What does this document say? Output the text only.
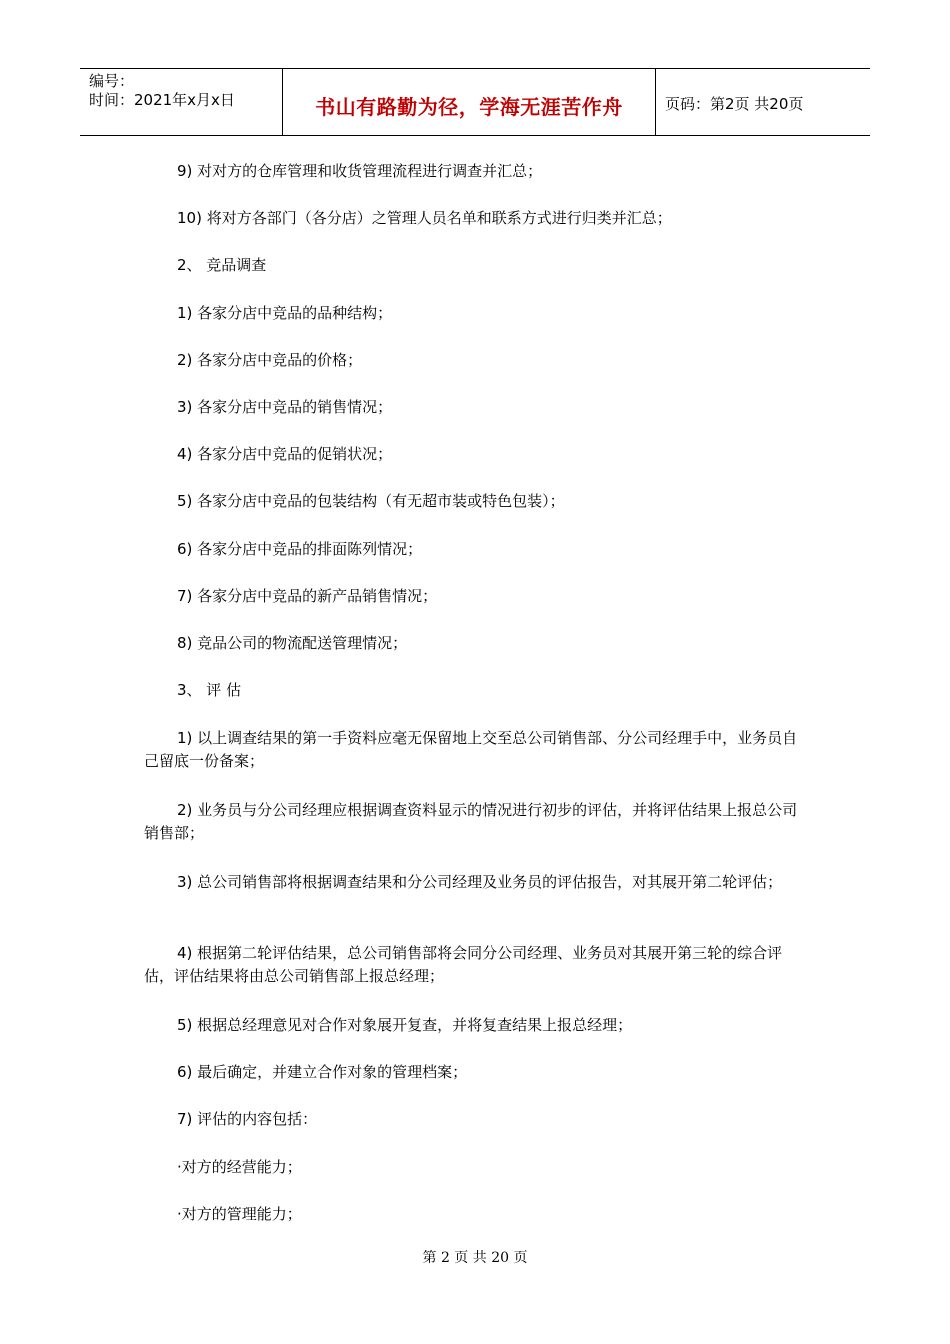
编号：
时间：2021年x月x日	书山有路勤为径，学海无涯苦作舟	页码：第2页 共20页
9) 对对方的仓库管理和收货管理流程进行调查并汇总；
10) 将对方各部门（各分店）之管理人员名单和联系方式进行归类并汇总；
2、 竞品调查
1) 各家分店中竞品的品种结构；
2) 各家分店中竞品的价格；
3) 各家分店中竞品的销售情况；
4) 各家分店中竞品的促销状况；
5) 各家分店中竞品的包装结构（有无超市装或特色包装）；
6) 各家分店中竞品的排面陈列情况；
7) 各家分店中竞品的新产品销售情况；
8) 竞品公司的物流配送管理情况；
3、 评 估
1) 以上调查结果的第一手资料应毫无保留地上交至总公司销售部、分公司经理手中，业务员自己留底一份备案；
2) 业务员与分公司经理应根据调查资料显示的情况进行初步的评估，并将评估结果上报总公司销售部；
3) 总公司销售部将根据调查结果和分公司经理及业务员的评估报告，对其展开第二轮评估；
4) 根据第二轮评估结果，总公司销售部将会同分公司经理、业务员对其展开第三轮的综合评估，评估结果将由总公司销售部上报总经理；
5) 根据总经理意见对合作对象展开复查，并将复查结果上报总经理；
6) 最后确定，并建立合作对象的管理档案；
7) 评估的内容包括：
·对方的经营能力；
·对方的管理能力；
第 2 页 共 20 页
